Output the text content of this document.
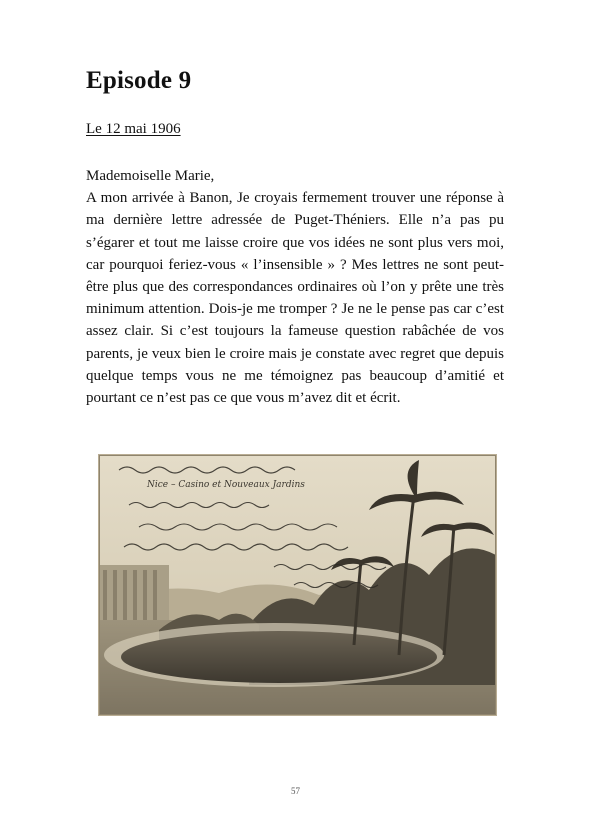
Episode 9
Le 12 mai 1906

Mademoiselle Marie,

A mon arrivée à Banon, Je croyais fermement trouver une réponse à ma dernière lettre adressée de Puget-Théniers. Elle n’a pas pu s’égarer et tout me laisse croire que vos idées ne sont plus vers moi, car pourquoi feriez-vous « l’insensible » ? Mes lettres ne sont peut-être plus que des correspondances ordinaires où l’on y prête une très minimum attention. Dois-je me tromper ? Je ne le pense pas car c’est assez clair. Si c’est toujours la fameuse question rabâchée de vos parents, je veux bien le croire mais je constate avec regret que depuis quelque temps vous ne me témoignez pas beaucoup d’amitié et pourtant ce n’est pas ce que vous m’avez dit et écrit.

Nice – Casino et Nouveaux Jardins
57
